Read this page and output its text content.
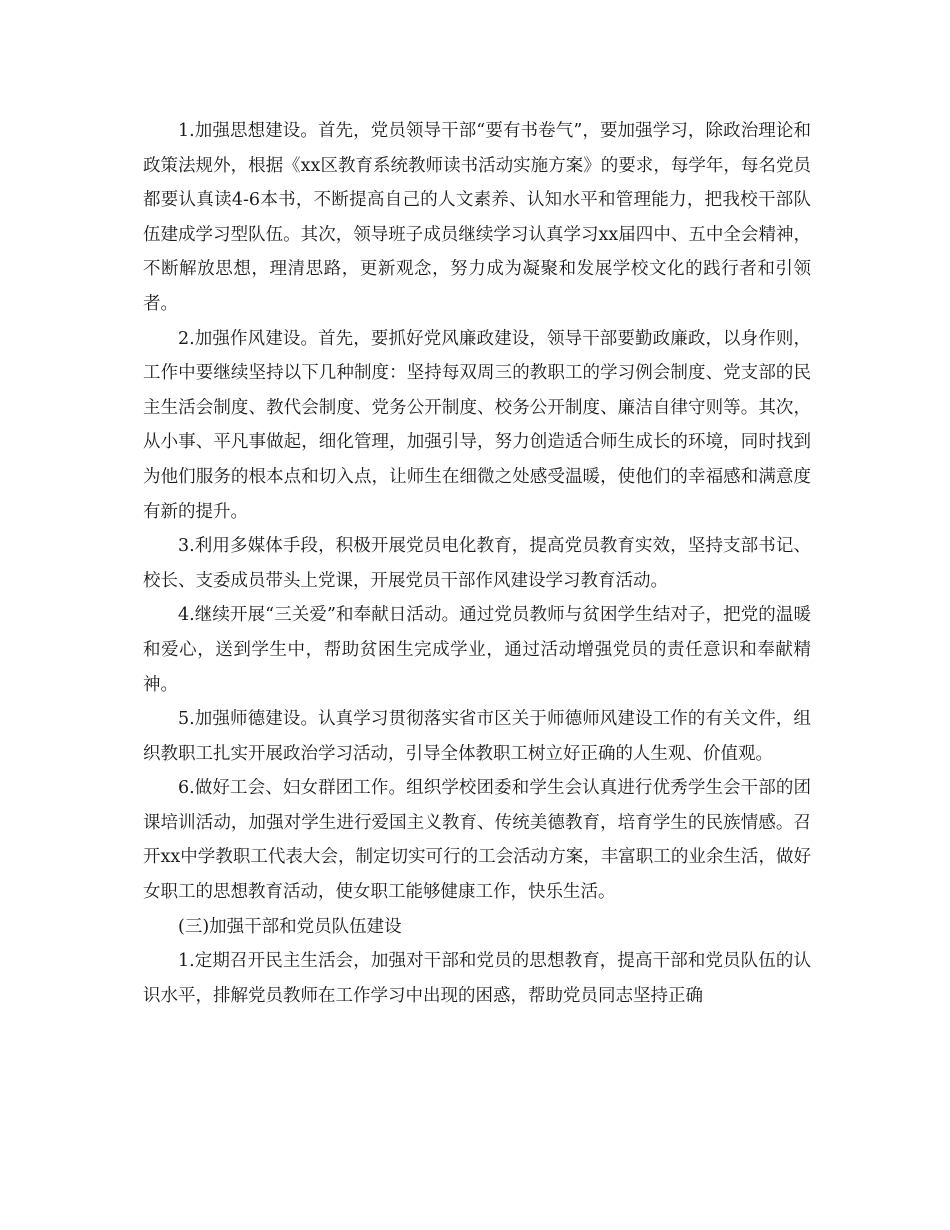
1.加强思想建设。首先，党员领导干部“要有书卷气”，要加强学习，除政治理论和政策法规外，根据《xx区教育系统教师读书活动实施方案》的要求，每学年，每名党员都要认真读4-6本书，不断提高自己的人文素养、认知水平和管理能力，把我校干部队伍建成学习型队伍。其次，领导班子成员继续学习认真学习xx届四中、五中全会精神，不断解放思想，理清思路，更新观念，努力成为凝聚和发展学校文化的践行者和引领者。

2.加强作风建设。首先，要抓好党风廉政建设，领导干部要勤政廉政，以身作则，工作中要继续坚持以下几种制度：坚持每双周三的教职工的学习例会制度、党支部的民主生活会制度、教代会制度、党务公开制度、校务公开制度、廉洁自律守则等。其次，从小事、平凡事做起，细化管理，加强引导，努力创造适合师生成长的环境，同时找到为他们服务的根本点和切入点，让师生在细微之处感受温暖，使他们的幸福感和满意度有新的提升。

3.利用多媒体手段，积极开展党员电化教育，提高党员教育实效，坚持支部书记、校长、支委成员带头上党课，开展党员干部作风建设学习教育活动。

4.继续开展“三关爱”和奉献日活动。通过党员教师与贫困学生结对子，把党的温暖和爱心，送到学生中，帮助贫困生完成学业，通过活动增强党员的责任意识和奉献精神。

5.加强师德建设。认真学习贯彻落实省市区关于师德师风建设工作的有关文件，组织教职工扎实开展政治学习活动，引导全体教职工树立好正确的人生观、价值观。

6.做好工会、妇女群团工作。组织学校团委和学生会认真进行优秀学生会干部的团课培训活动，加强对学生进行爱国主义教育、传统美德教育，培育学生的民族情感。召开xx中学教职工代表大会，制定切实可行的工会活动方案，丰富职工的业余生活，做好女职工的思想教育活动，使女职工能够健康工作，快乐生活。

(三)加强干部和党员队伍建设

1.定期召开民主生活会，加强对干部和党员的思想教育，提高干部和党员队伍的认识水平，排解党员教师在工作学习中出现的困惑，帮助党员同志坚持正确
